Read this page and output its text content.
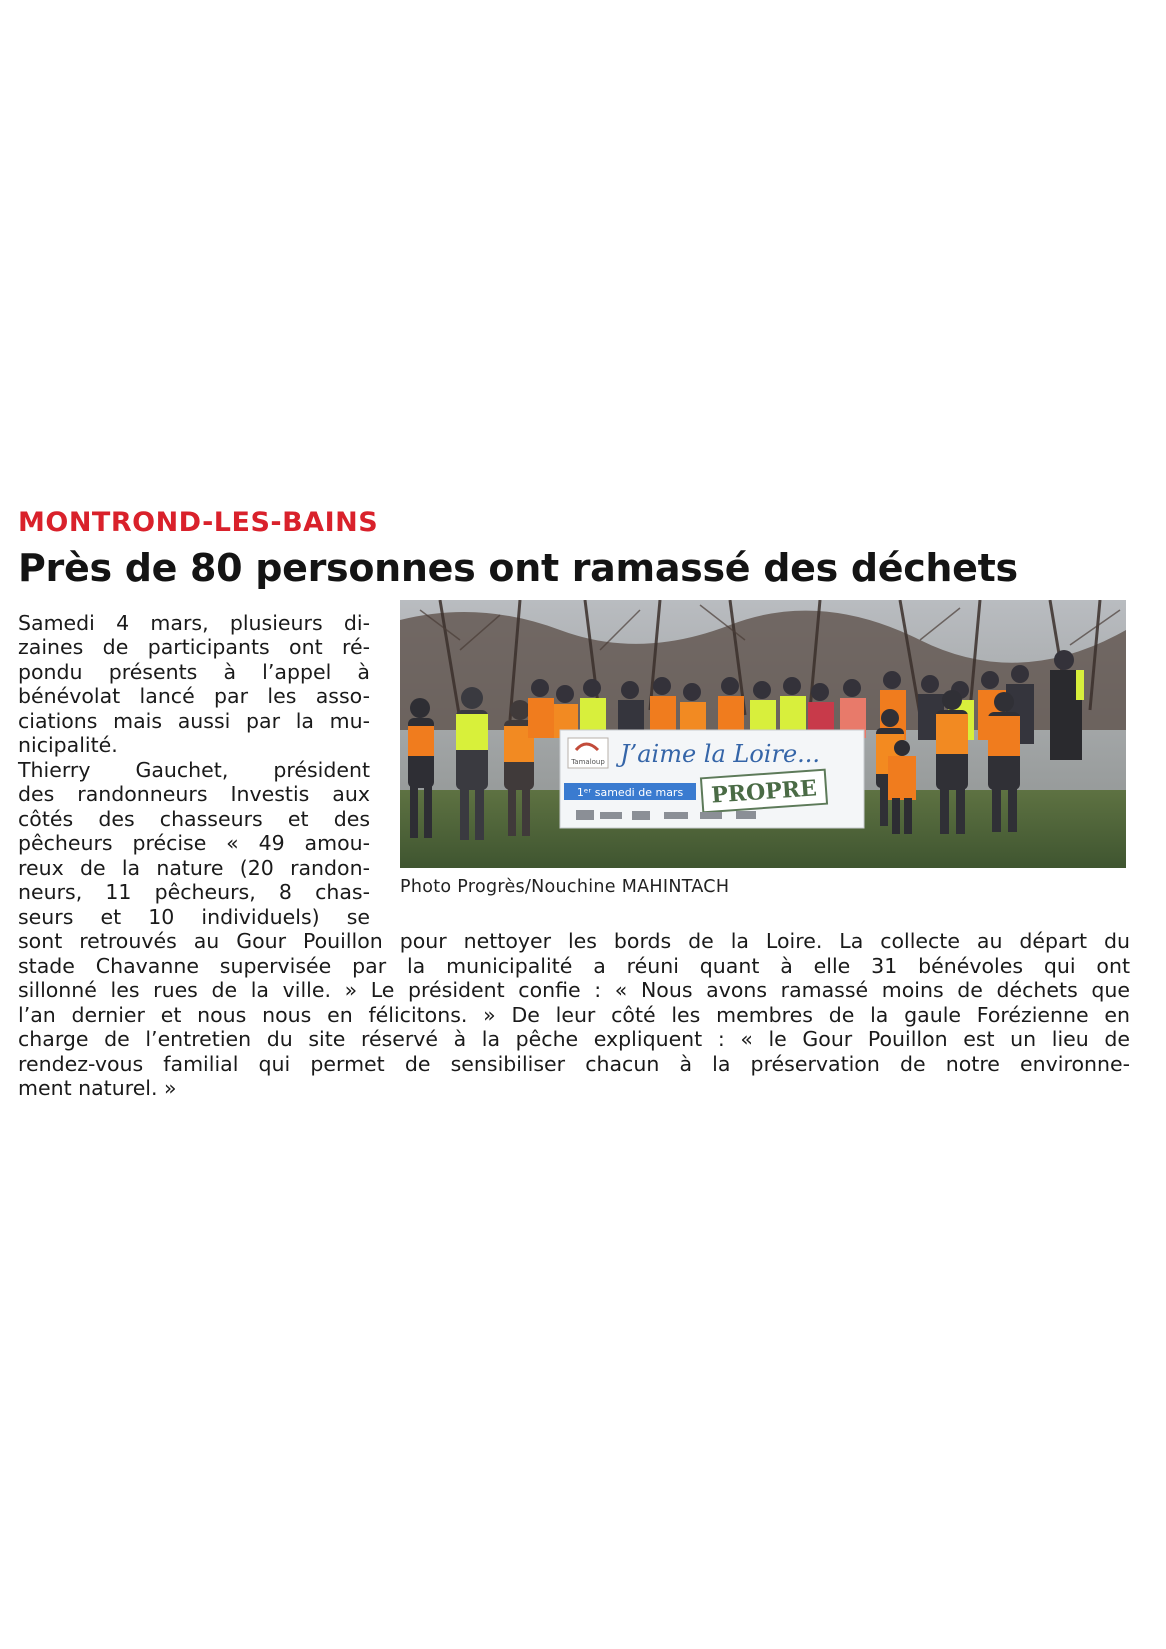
MONTROND-LES-BAINS
Près de 80 personnes ont ramassé des déchets

Samedi 4 mars, plusieurs di-

zaines de participants ont ré-

pondu présents à l’appel à

bénévolat lancé par les asso-

ciations mais aussi par la mu-

nicipalité.

Thierry Gauchet, président

des randonneurs Investis aux

côtés des chasseurs et des

pêcheurs précise « 49 amou-

reux de la nature (20 randon-

neurs, 11 pêcheurs, 8 chas-

seurs et 10 individuels) se

sont retrouvés au Gour Pouillon pour nettoyer les bords de la Loire. La collecte au départ du

stade Chavanne supervisée par la municipalité a réuni quant à elle 31 bénévoles qui ont

sillonné les rues de la ville. » Le président confie : « Nous avons ramassé moins de déchets que

l’an dernier et nous nous en félicitons. » De leur côté les membres de la gaule Forézienne en

charge de l’entretien du site réservé à la pêche expliquent : « le Gour Pouillon est un lieu de

rendez-vous familial qui permet de sensibiliser chacun à la préservation de notre environne-

ment naturel. »

Tamaloup J’aime la Loire...
1ᵉʳ samedi de mars PROPRE

Photo Progrès/Nouchine MAHINTACH
